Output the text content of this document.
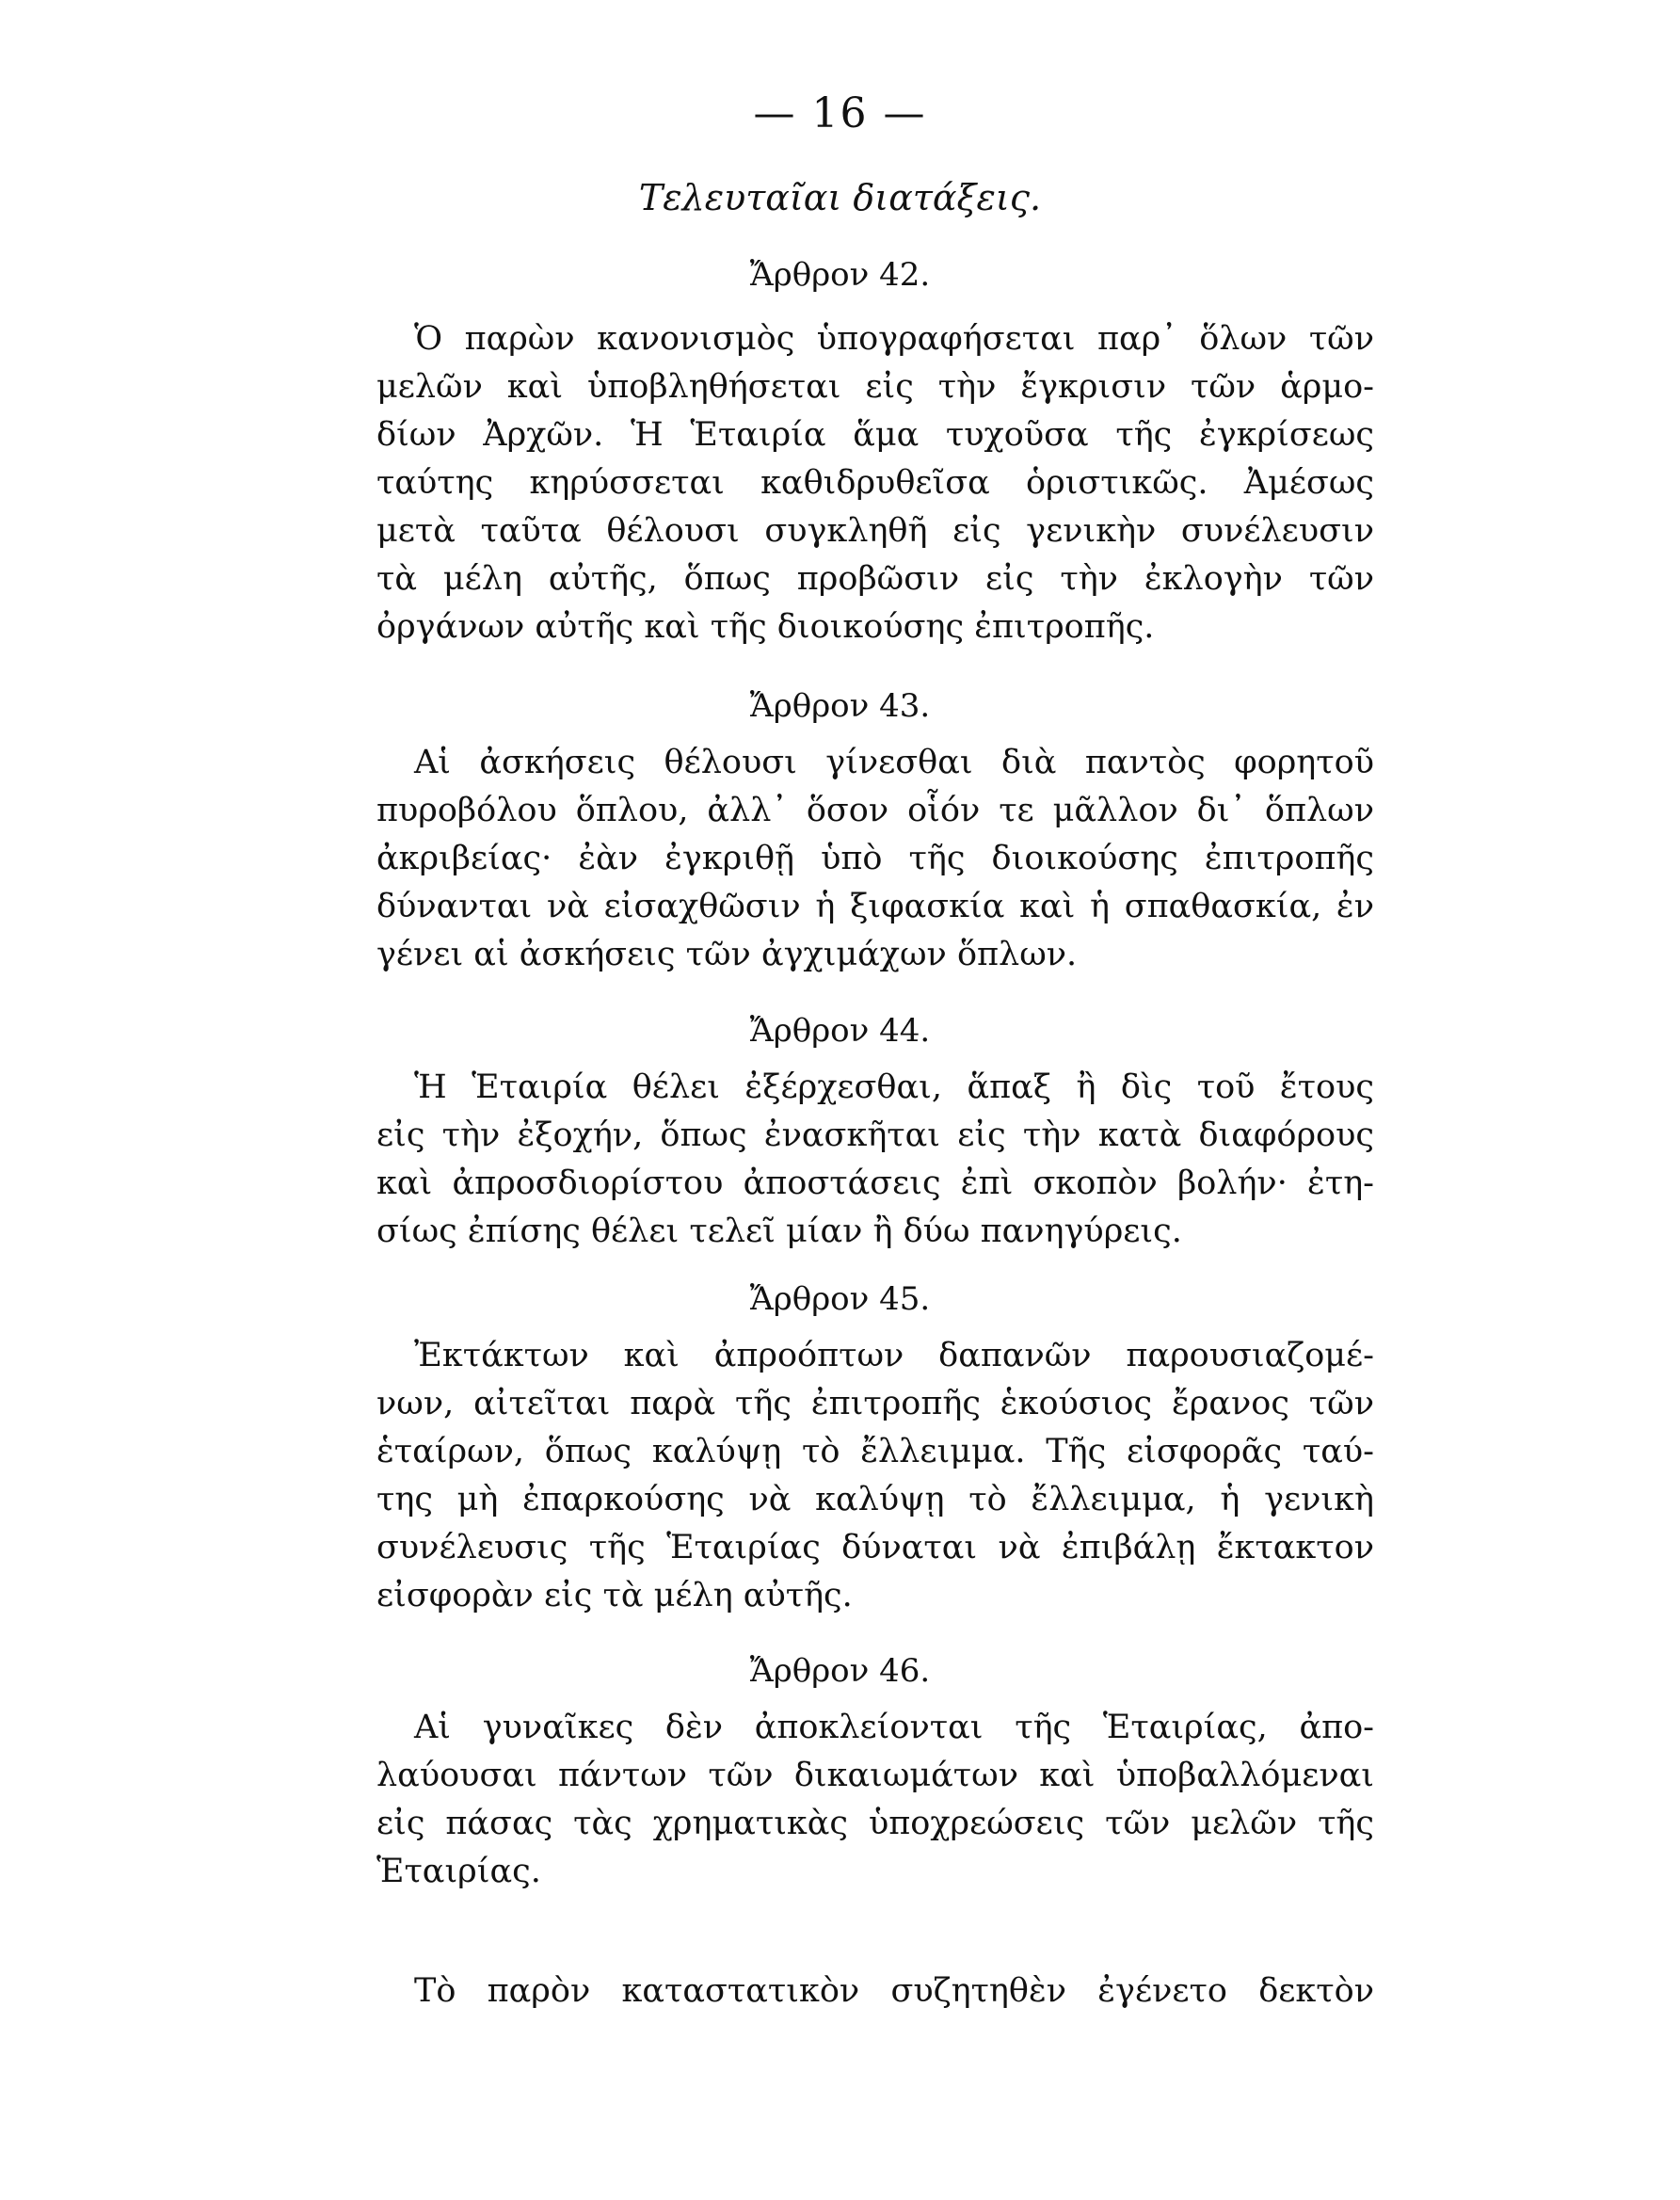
— 16 —
Τελευταῖαι διατάξεις.
Ἄρθρον 42.
Ὁ παρὼν κανονισμὸς ὑπογραφήσεται παρ᾽ ὅλων τῶν
μελῶν καὶ ὑποβληθήσεται εἰς τὴν ἔγκρισιν τῶν ἁρμο-
δίων Ἀρχῶν. Ἡ Ἑταιρία ἅμα τυχοῦσα τῆς ἐγκρίσεως
ταύτης κηρύσσεται καθιδρυθεῖσα ὁριστικῶς. Ἀμέσως
μετὰ ταῦτα θέλουσι συγκληθῆ εἰς γενικὴν συνέλευσιν
τὰ μέλη αὐτῆς, ὅπως προβῶσιν εἰς τὴν ἐκλογὴν τῶν
ὀργάνων αὐτῆς καὶ τῆς διοικούσης ἐπιτροπῆς.
Ἄρθρον 43.
Αἱ ἀσκήσεις θέλουσι γίνεσθαι διὰ παντὸς φορητοῦ
πυροβόλου ὅπλου, ἀλλ᾽ ὅσον οἷόν τε μᾶλλον δι᾽ ὅπλων
ἀκριβείας· ἐὰν ἐγκριθῇ ὑπὸ τῆς διοικούσης ἐπιτροπῆς
δύνανται νὰ εἰσαχθῶσιν ἡ ξιφασκία καὶ ἡ σπαθασκία, ἐν
γένει αἱ ἀσκήσεις τῶν ἀγχιμάχων ὅπλων.
Ἄρθρον 44.
Ἡ Ἑταιρία θέλει ἐξέρχεσθαι, ἅπαξ ἢ δὶς τοῦ ἔτους
εἰς τὴν ἐξοχήν, ὅπως ἐνασκῆται εἰς τὴν κατὰ διαφόρους
καὶ ἀπροσδιορίστου ἀποστάσεις ἐπὶ σκοπὸν βολήν· ἐτη-
σίως ἐπίσης θέλει τελεῖ μίαν ἢ δύω πανηγύρεις.
Ἄρθρον 45.
Ἐκτάκτων καὶ ἀπροόπτων δαπανῶν παρουσιαζομέ-
νων, αἰτεῖται παρὰ τῆς ἐπιτροπῆς ἑκούσιος ἔρανος τῶν
ἑταίρων, ὅπως καλύψῃ τὸ ἔλλειμμα. Τῆς εἰσφορᾶς ταύ-
της μὴ ἐπαρκούσης νὰ καλύψῃ τὸ ἔλλειμμα, ἡ γενικὴ
συνέλευσις τῆς Ἑταιρίας δύναται νὰ ἐπιβάλῃ ἔκτακτον
εἰσφορὰν εἰς τὰ μέλη αὐτῆς.
Ἄρθρον 46.
Αἱ γυναῖκες δὲν ἀποκλείονται τῆς Ἑταιρίας, ἀπο-
λαύουσαι πάντων τῶν δικαιωμάτων καὶ ὑποβαλλόμεναι
εἰς πάσας τὰς χρηματικὰς ὑποχρεώσεις τῶν μελῶν τῆς
Ἑταιρίας.
Τὸ παρὸν καταστατικὸν συζητηθὲν ἐγένετο δεκτὸν
